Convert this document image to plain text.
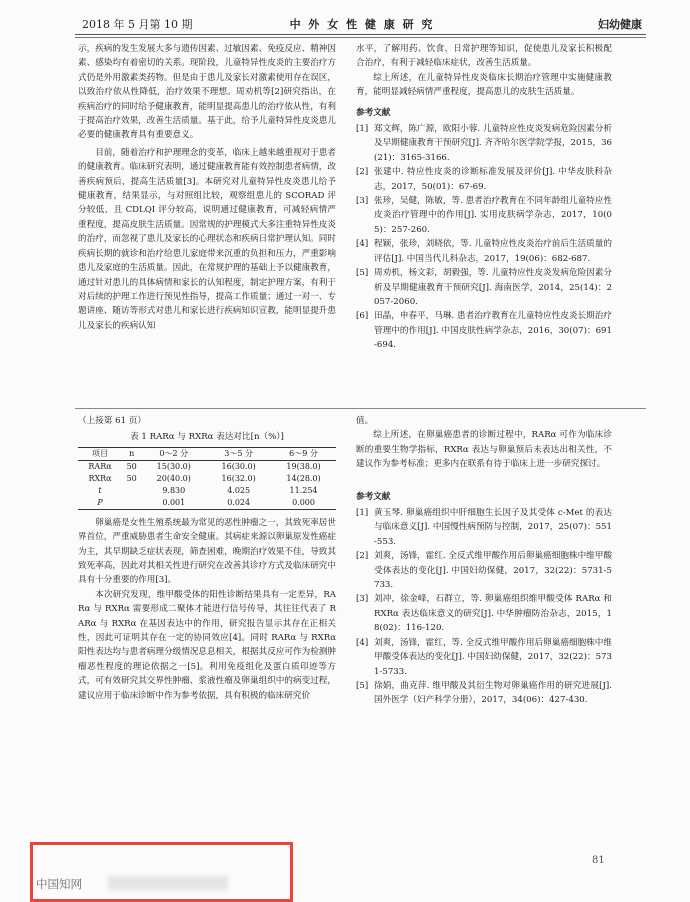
2018 年 5 月第 10 期	中 外 女 性 健 康 研 究	妇幼健康

示，疾病的发生发展大多与遗传因素、过敏因素、免疫反应、精神因素、感染均有着密切的关系。现阶段，儿童特异性皮炎的主要治疗方式仍是外用激素类药物。但是由于患儿及家长对激素使用存在误区，以致治疗依从性降低，治疗效果不理想。周劝机等[2]研究指出，在疾病治疗的同时给予健康教育，能明显提高患儿的治疗依从性，有利于提高治疗效果，改善生活质量。基于此，给予儿童特异性皮炎患儿必要的健康教育具有重要意义。

目前，随着治疗和护理理念的变革，临床上越来越重视对于患者的健康教育。临床研究表明，通过健康教育能有效控制患者病情，改善疾病预后，提高生活质量[3]。本研究对儿童特异性皮炎患儿给予健康教育，结果显示，与对照组比较，观察组患儿的 SCORAD 评分较低，且 CDLQI 评分较高，说明通过健康教育，可减轻病情严重程度，提高皮肤生活质量。因常规的护理模式大多注重特异性皮炎的治疗，而忽视了患儿及家长的心理状态和疾病日常护理认知。同时疾病长期的就诊和治疗给患儿家庭带来沉重的负担和压力，严重影响患儿及家庭的生活质量。因此，在常规护理的基础上予以健康教育，通过针对患儿的具体病情和家长的认知程度，制定护理方案，有利于对后续的护理工作进行预见性指导，提高工作质量；通过一对一、专题讲座、随访等形式对患儿和家长进行疾病知识宣教，能明显提升患儿及家长的疾病认知

水平，了解用药、饮食、日常护理等知识，促使患儿及家长积极配合治疗，有利于减轻临床症状，改善生活质量。

综上所述，在儿童特异性皮炎临床长期治疗管理中实施健康教育，能明显减轻病情严重程度，提高患儿的皮肤生活质量。

参考文献
[1] 郑文辉，陈广源，欧阳小蓉. 儿童特应性皮炎发病危险因素分析及早期健康教育干预研究[J]. 齐齐哈尔医学院学报，2015，36(21)：3165-3166.
[2] 张建中. 特应性皮炎的诊断标准发展及评价[J]. 中华皮肤科杂志，2017，50(01)：67-69.
[3] 张珍，吴健，陈敏，等. 患者治疗教育在不同年龄组儿童特应性皮炎治疗管理中的作用[J]. 实用皮肤病学杂志，2017，10(05)：257-260.
[4] 程颖，张珍，刘晓依，等. 儿童特应性皮炎治疗前后生活质量的评估[J]. 中国当代儿科杂志，2017，19(06)：682-687.
[5] 周劝机，杨文彩，胡毅强，等. 儿童特应性皮炎发病危险因素分析及早期健康教育干预研究[J]. 海南医学，2014，25(14)：2057-2060.
[6] 田晶，申春平，马琳. 患者治疗教育在儿童特应性皮炎长期治疗管理中的作用[J]. 中国皮肤性病学杂志，2016，30(07)：691-694.
（上接第 61 页）
表 1 RARα 与 RXRα 表达对比[n（%）]
项目	n	0～2 分	3～5 分	6～9 分

RARα	50	15(30.0)	16(30.0)	19(38.0)
RXRα	50	20(40.0)	16(32.0)	14(28.0)
t		9.830	4.025	11.254
P		0.001	0.024	0.000

卵巢癌是女性生殖系统最为常见的恶性肿瘤之一，其致死率居世界首位，严重威胁患者生命安全健康。其病症来源以卵巢原发性癌症为主，其早期缺乏症状表现，筛查困难，晚期治疗效果不佳，导致其致死率高，因此对其相关性进行研究在改善其诊疗方式及临床研究中具有十分重要的作用[3]。

本次研究发现，维甲酸受体的阳性诊断结果具有一定差异，RARα 与 RXRα 需要形成二聚体才能进行信号传导，其往往代表了 RARα 与 RXRα 在基因表达中的作用，研究报告显示其存在正相关性，因此可证明其存在一定的协同效应[4]。同时 RARα 与 RXRα 阳性表达均与患者病理分级情况息息相关，根据其反应可作为检测肿瘤恶性程度的理论依据之一[5]。利用免疫组化及蛋白质印迹等方式，可有效研究其交界性肿瘤、浆液性瘤及卵巢组织中的病变过程，建议应用于临床诊断中作为参考依据，具有积极的临床研究价

值。

综上所述，在卵巢癌患者的诊断过程中，RARα 可作为临床诊断的重要生物学指标，RXRα 表达与卵巢预后未表达出相关性，不建议作为参考标准；更多内在联系有待于临床上进一步研究探讨。

参考文献
[1] 黄玉琴. 卵巢癌组织中肝细胞生长因子及其受体 c-Met 的表达与临床意义[J]. 中国慢性病预防与控制，2017，25(07)：551-553.
[2] 刘爽，汤锋，霍红. 全反式维甲酸作用后卵巢癌细胞株中维甲酸受体表达的变化[J]. 中国妇幼保健，2017，32(22)：5731-5733.
[3] 刘冲，徐金峰，石群立，等. 卵巢癌组织维甲酸受体 RARα 和 RXRα 表达临床意义的研究[J]. 中华肿瘤防治杂志，2015，18(02)：116-120.
[4] 刘爽，汤锋，霍红，等. 全反式维甲酸作用后卵巢癌细胞株中维甲酸受体表达的变化[J]. 中国妇幼保健，2017，32(22)：5731-5733.
[5] 徐娟，曲克萍. 维甲酸及其衍生物对卵巢癌作用的研究进展[J]. 国外医学（妇产科学分册），2017，34(06)：427-430.
81
中国知网
